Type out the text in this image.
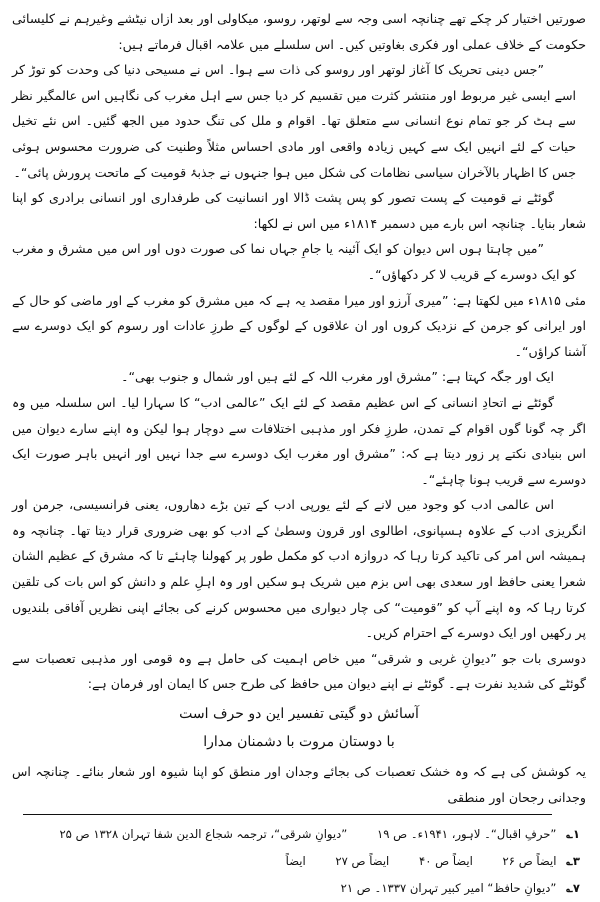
صورتیں اختیار کر چکے تھے چنانچہ اسی وجہ سے لوتھر، روسو، میکاولی اور بعد ازاں نیٹشے وغیرہم نے کلیسائی حکومت کے خلاف عملی اور فکری بغاوتیں کیں۔ اس سلسلے میں علامہ اقبال فرماتے ہیں:

”جس دینی تحریک کا آغاز لوتھر اور روسو کی ذات سے ہوا۔ اس نے مسیحی دنیا کی وحدت کو توڑ کر اسے ایسی غیر مربوط اور منتشر کثرت میں تقسیم کر دیا جس سے اہل مغرب کی نگاہیں اس عالمگیر نظر سے ہٹ کر جو تمام نوع انسانی سے متعلق تھا۔ اقوام و ملل کی تنگ حدود میں الجھ گئیں۔ اس نئے تخیل حیات کے لئے انہیں ایک سے کہیں زیادہ واقعی اور مادی احساس مثلاً وطنیت کی ضرورت محسوس ہوئی جس کا اظہار بالآخران سیاسی نظامات کی شکل میں ہوا جنہوں نے جذبۂ قومیت کے ماتحت پرورش پائی“۔

گوئٹے نے قومیت کے پست تصور کو پس پشت ڈالا اور انسانیت کی طرفداری اور انسانی برادری کو اپنا شعار بنایا۔ چنانچہ اس بارے میں دسمبر ۱۸۱۴ء میں اس نے لکھا:

”میں چاہتا ہوں اس دیوان کو ایک آئینہ یا جامِ جہاں نما کی صورت دوں اور اس میں مشرق و مغرب کو ایک دوسرے کے قریب لا کر دکھاؤں“۔

مئی ۱۸۱۵ء میں لکھتا ہے: ”میری آرزو اور میرا مقصد یہ ہے کہ میں مشرق کو مغرب کے اور ماضی کو حال کے اور ایرانی کو جرمن کے نزدیک کروں اور ان علاقوں کے لوگوں کے طرزِ عادات اور رسوم کو ایک دوسرے سے آشنا کراؤں“۔

ایک اور جگہ کہتا ہے: ”مشرق اور مغرب اللہ کے لئے ہیں اور شمال و جنوب بھی“۔

گوئٹے نے اتحادِ انسانی کے اس عظیم مقصد کے لئے ایک ”عالمی ادب“ کا سہارا لیا۔ اس سلسلہ میں وہ اگر چہ گونا گوں اقوام کے تمدن، طرزِ فکر اور مذہبی اختلافات سے دوچار ہوا لیکن وہ اپنے سارے دیوان میں اس بنیادی نکتے پر زور دیتا ہے کہ: ”مشرق اور مغرب ایک دوسرے سے جدا نہیں اور انہیں باہر صورت ایک دوسرے سے قریب ہونا چاہئے“۔

اس عالمی ادب کو وجود میں لانے کے لئے یورپی ادب کے تین بڑے دھاروں، یعنی فرانسیسی، جرمن اور انگریزی ادب کے علاوہ ہسپانوی، اطالوی اور قرون وسطیٰ کے ادب کو بھی ضروری قرار دیتا تھا۔ چنانچہ وہ ہمیشہ اس امر کی تاکید کرتا رہا کہ دروازہ ادب کو مکمل طور پر کھولنا چاہئے تا کہ مشرق کے عظیم الشان شعرا یعنی حافظ اور سعدی بھی اس بزم میں شریک ہو سکیں اور وہ اہلِ علم و دانش کو اس بات کی تلقین کرتا رہا کہ وہ اپنے آپ کو ”قومیت“ کی چار دیواری میں محسوس کرنے کی بجائے اپنی نظریں آفاقی بلندیوں پر رکھیں اور ایک دوسرے کے احترام کریں۔

دوسری بات جو ”دیوانِ غربی و شرقی“ میں خاص اہمیت کی حامل ہے وہ قومی اور مذہبی تعصبات سے گوئٹے کی شدید نفرت ہے۔ گوئٹے نے اپنے دیوان میں حافظ کی طرح جس کا ایمان اور فرمان ہے:

آسائش دو گیتی تفسیر این دو حرف است
با دوستان مروت با دشمنان مدارا

یہ کوشش کی ہے کہ وہ خشک تعصبات کی بجائے وجدان اور منطق کو اپنا شیوہ اور شعار بنائے۔ چنانچہ اس وجدانی رجحان اور منطقی

۱؎ ”حرفِ اقبال“۔ لاہور، ۱۹۴۱ء۔ ص ۱۹ ”دیوانِ شرقی“، ترجمہ شجاع الدین شفا تہران ۱۳۲۸ ص ۲۵

۳؎ ایضاً ص ۲۶ ایضاً ص ۴۰ ایضاً ص ۲۷ ایضاً

۷؎ ”دیوانِ حافظ“ امیر کبیر تہران ۱۳۳۷۔ ص ۲۱
